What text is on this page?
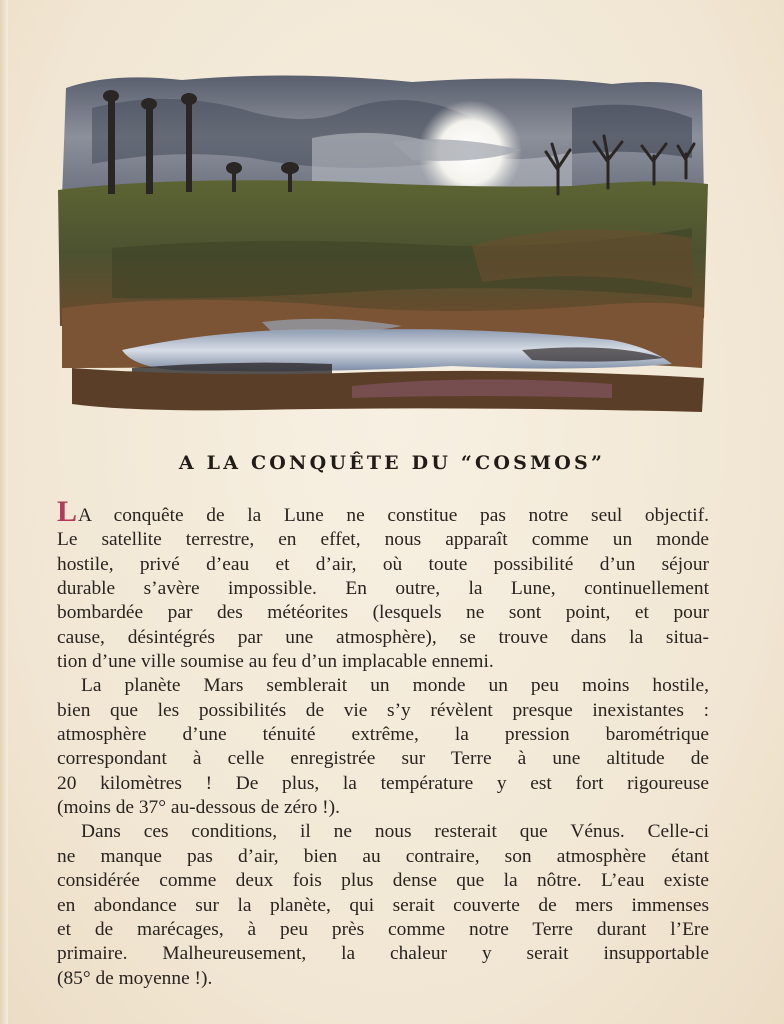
A LA CONQUÊTE DU “COSMOS”
LA conquête de la Lune ne constitue pas notre seul objectif.
Le satellite terrestre, en effet, nous apparaît comme un monde
hostile, privé d’eau et d’air, où toute possibilité d’un séjour
durable s’avère impossible. En outre, la Lune, continuellement
bombardée par des météorites (lesquels ne sont point, et pour
cause, désintégrés par une atmosphère), se trouve dans la situa-
tion d’une ville soumise au feu d’un implacable ennemi.
La planète Mars semblerait un monde un peu moins hostile,
bien que les possibilités de vie s’y révèlent presque inexistantes :
atmosphère d’une ténuité extrême, la pression barométrique
correspondant à celle enregistrée sur Terre à une altitude de
20 kilomètres ! De plus, la température y est fort rigoureuse
(moins de 37° au-dessous de zéro !).
Dans ces conditions, il ne nous resterait que Vénus. Celle-ci
ne manque pas d’air, bien au contraire, son atmosphère étant
considérée comme deux fois plus dense que la nôtre. L’eau existe
en abondance sur la planète, qui serait couverte de mers immenses
et de marécages, à peu près comme notre Terre durant l’Ere
primaire. Malheureusement, la chaleur y serait insupportable
(85° de moyenne !).
